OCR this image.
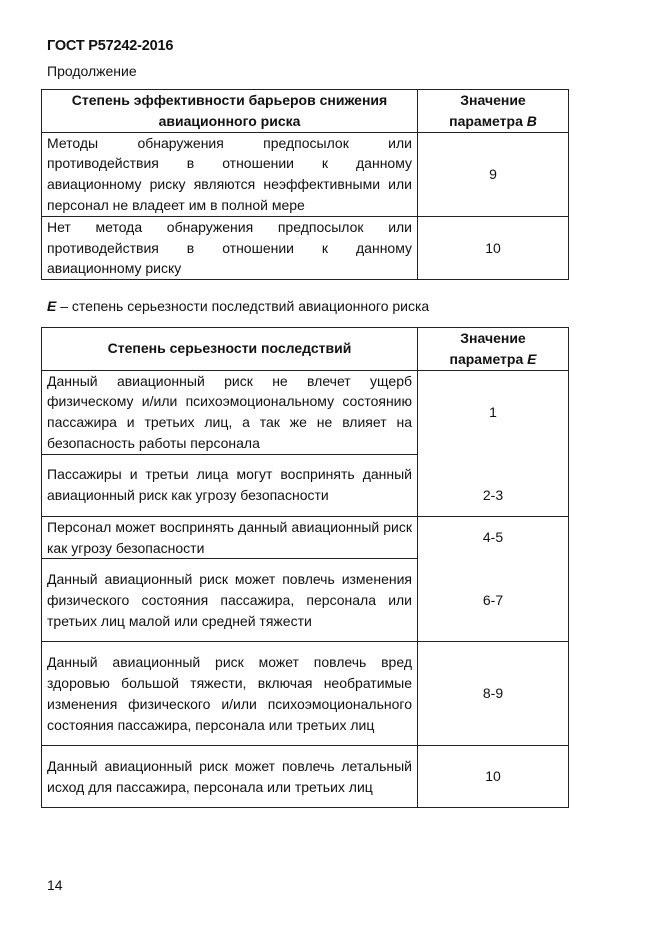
ГОСТ Р57242-2016
Продолжение
Степень эффективности барьеров снижения авиационного риска	Значение
параметра B
Методы обнаружения предпосылок или противодействия в отношении к данному авиационному риску являются неэффективными или персонал не владеет им в полной мере	9
Нет метода обнаружения предпосылок или противодействия в отношении к данному авиационному риску	10
E – степень серьезности последствий авиационного риска
Степень серьезности последствий	Значение
параметра E
Данный авиационный риск не влечет ущерб физическому и/или психоэмоциональному состоянию пассажира и третьих лиц, а так же не влияет на безопасность работы персонала	1
Пассажиры и третьи лица могут воспринять данный авиационный риск как угрозу безопасности	2-3
Персонал может воспринять данный авиационный риск как угрозу безопасности	4-5
Данный авиационный риск может повлечь изменения физического состояния пассажира, персонала или третьих лиц малой или средней тяжести	6-7
Данный авиационный риск может повлечь вред здоровью большой тяжести, включая необратимые изменения физического и/или психоэмоционального состояния пассажира, персонала или третьих лиц	8-9
Данный авиационный риск может повлечь летальный исход для пассажира, персонала или третьих лиц	10
14
